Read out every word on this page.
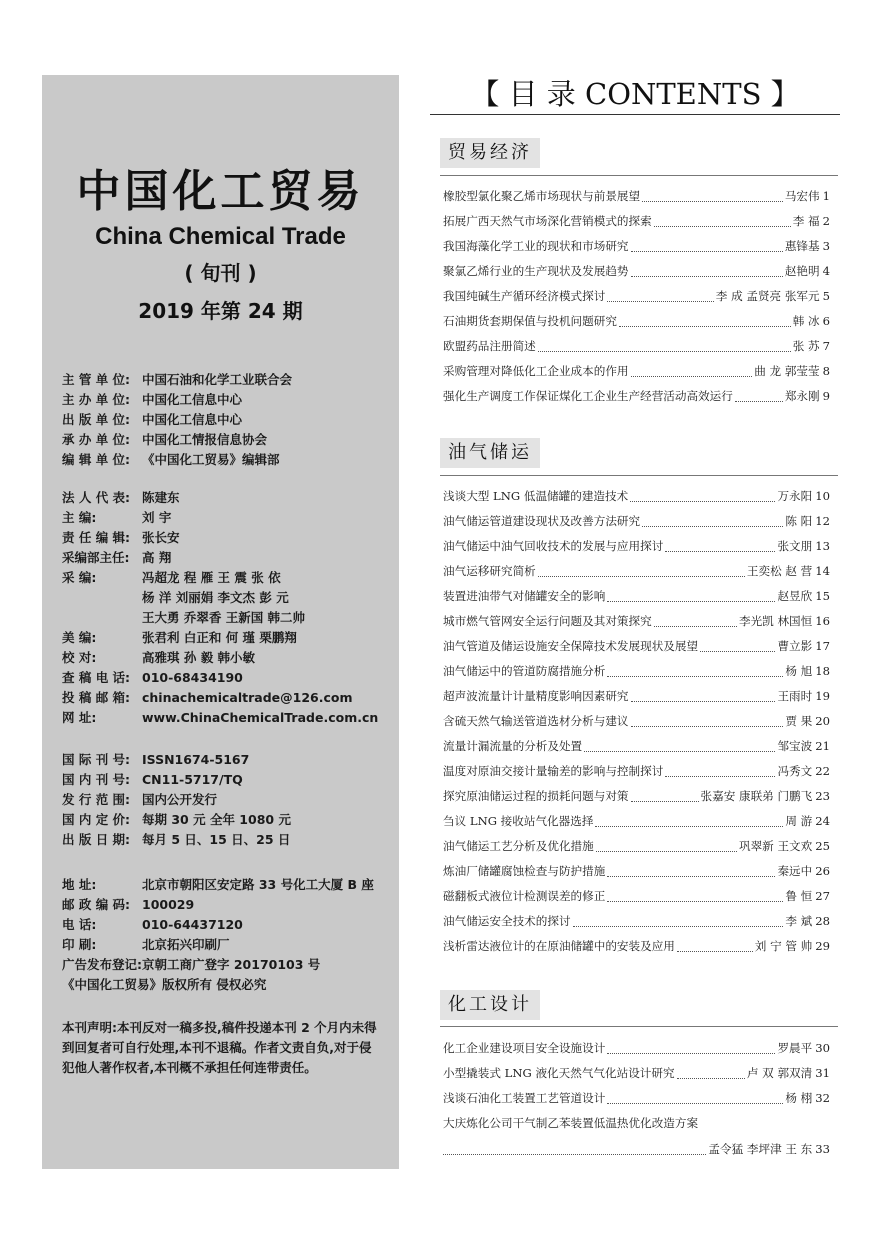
中国化工贸易
China Chemical Trade
( 旬刊 )
2019 年第 24 期
主 管 单 位: 中国石油和化学工业联合会
主 办 单 位: 中国化工信息中心
出 版 单 位: 中国化工信息中心
承 办 单 位: 中国化工情报信息协会
编 辑 单 位: 《中国化工贸易》编辑部
法 人 代 表: 陈建东
主 编:	刘 宇
责 任 编 辑: 张长安
采编部主任: 高 翔
采 编:	冯超龙 程 雁 王 震 张 依
杨 洋 刘丽娟 李文杰 彭 元
王大勇 乔翠香 王新国 韩二帅
美 编:	张君利 白正和 何 瑾 栗鹏翔
校 对:	高雅琪 孙 毅 韩小敏
查 稿 电 话: 010-68434190
投 稿 邮 箱: chinachemicaltrade@126.com
网 址:	www.ChinaChemicalTrade.com.cn
国 际 刊 号: ISSN1674-5167
国 内 刊 号: CN11-5717/TQ
发 行 范 围: 国内公开发行
国 内 定 价: 每期 30 元 全年 1080 元
出 版 日 期: 每月 5 日、15 日、25 日
地 址:	北京市朝阳区安定路 33 号化工大厦 B 座
邮 政 编 码: 100029
电 话:	010-64437120
印 刷:	北京拓兴印刷厂
广告发布登记:京朝工商广登字 20170103 号
《中国化工贸易》版权所有 侵权必究
本刊声明:本刊反对一稿多投,稿件投递本刊 2 个月内未得到回复者可自行处理,本刊不退稿。作者文责自负,对于侵犯他人著作权者,本刊概不承担任何连带责任。
【 目 录 CONTENTS 】
贸易经济
橡胶型氯化聚乙烯市场现状与前景展望	马宏伟 1
拓展广西天然气市场深化营销模式的探索	李 福 2
我国海藻化学工业的现状和市场研究	惠锋基 3
聚氯乙烯行业的生产现状及发展趋势	赵艳明 4
我国纯碱生产循环经济模式探讨	李 成 孟贤亮 张军元 5
石油期货套期保值与投机问题研究	韩 冰 6
欧盟药品注册简述	张 苏 7
采购管理对降低化工企业成本的作用	曲 龙 郭莹莹 8
强化生产调度工作保证煤化工企业生产经营活动高效运行	郑永刚 9
油气储运
浅谈大型 LNG 低温储罐的建造技术	万永阳 10
油气储运管道建设现状及改善方法研究	陈 阳 12
油气储运中油气回收技术的发展与应用探讨	张文朋 13
油气运移研究简析	王奕松 赵 营 14
装置进油带气对储罐安全的影响	赵昱欣 15
城市燃气管网安全运行问题及其对策探究	李光凯 林国恒 16
油气管道及储运设施安全保障技术发展现状及展望	曹立影 17
油气储运中的管道防腐措施分析	杨 旭 18
超声波流量计计量精度影响因素研究	王雨时 19
含硫天然气输送管道选材分析与建议	贾 果 20
流量计漏流量的分析及处置	邹宝波 21
温度对原油交接计量输差的影响与控制探讨	冯秀文 22
探究原油储运过程的损耗问题与对策	张嘉安 康联弟 门鹏飞 23
刍议 LNG 接收站气化器选择	周 游 24
油气储运工艺分析及优化措施	巩翠新 王文欢 25
炼油厂储罐腐蚀检查与防护措施	秦远中 26
磁翻板式液位计检测误差的修正	鲁 恒 27
油气储运安全技术的探讨	李 斌 28
浅析雷达液位计的在原油储罐中的安装及应用	刘 宁 管 帅 29
化工设计
化工企业建设项目安全设施设计	罗晨平 30
小型撬装式 LNG 液化天然气气化站设计研究	卢 双 郭双清 31
浅谈石油化工装置工艺管道设计	杨 栩 32
大庆炼化公司干气制乙苯装置低温热优化改造方案
孟令猛 李坪津 王 东 33
